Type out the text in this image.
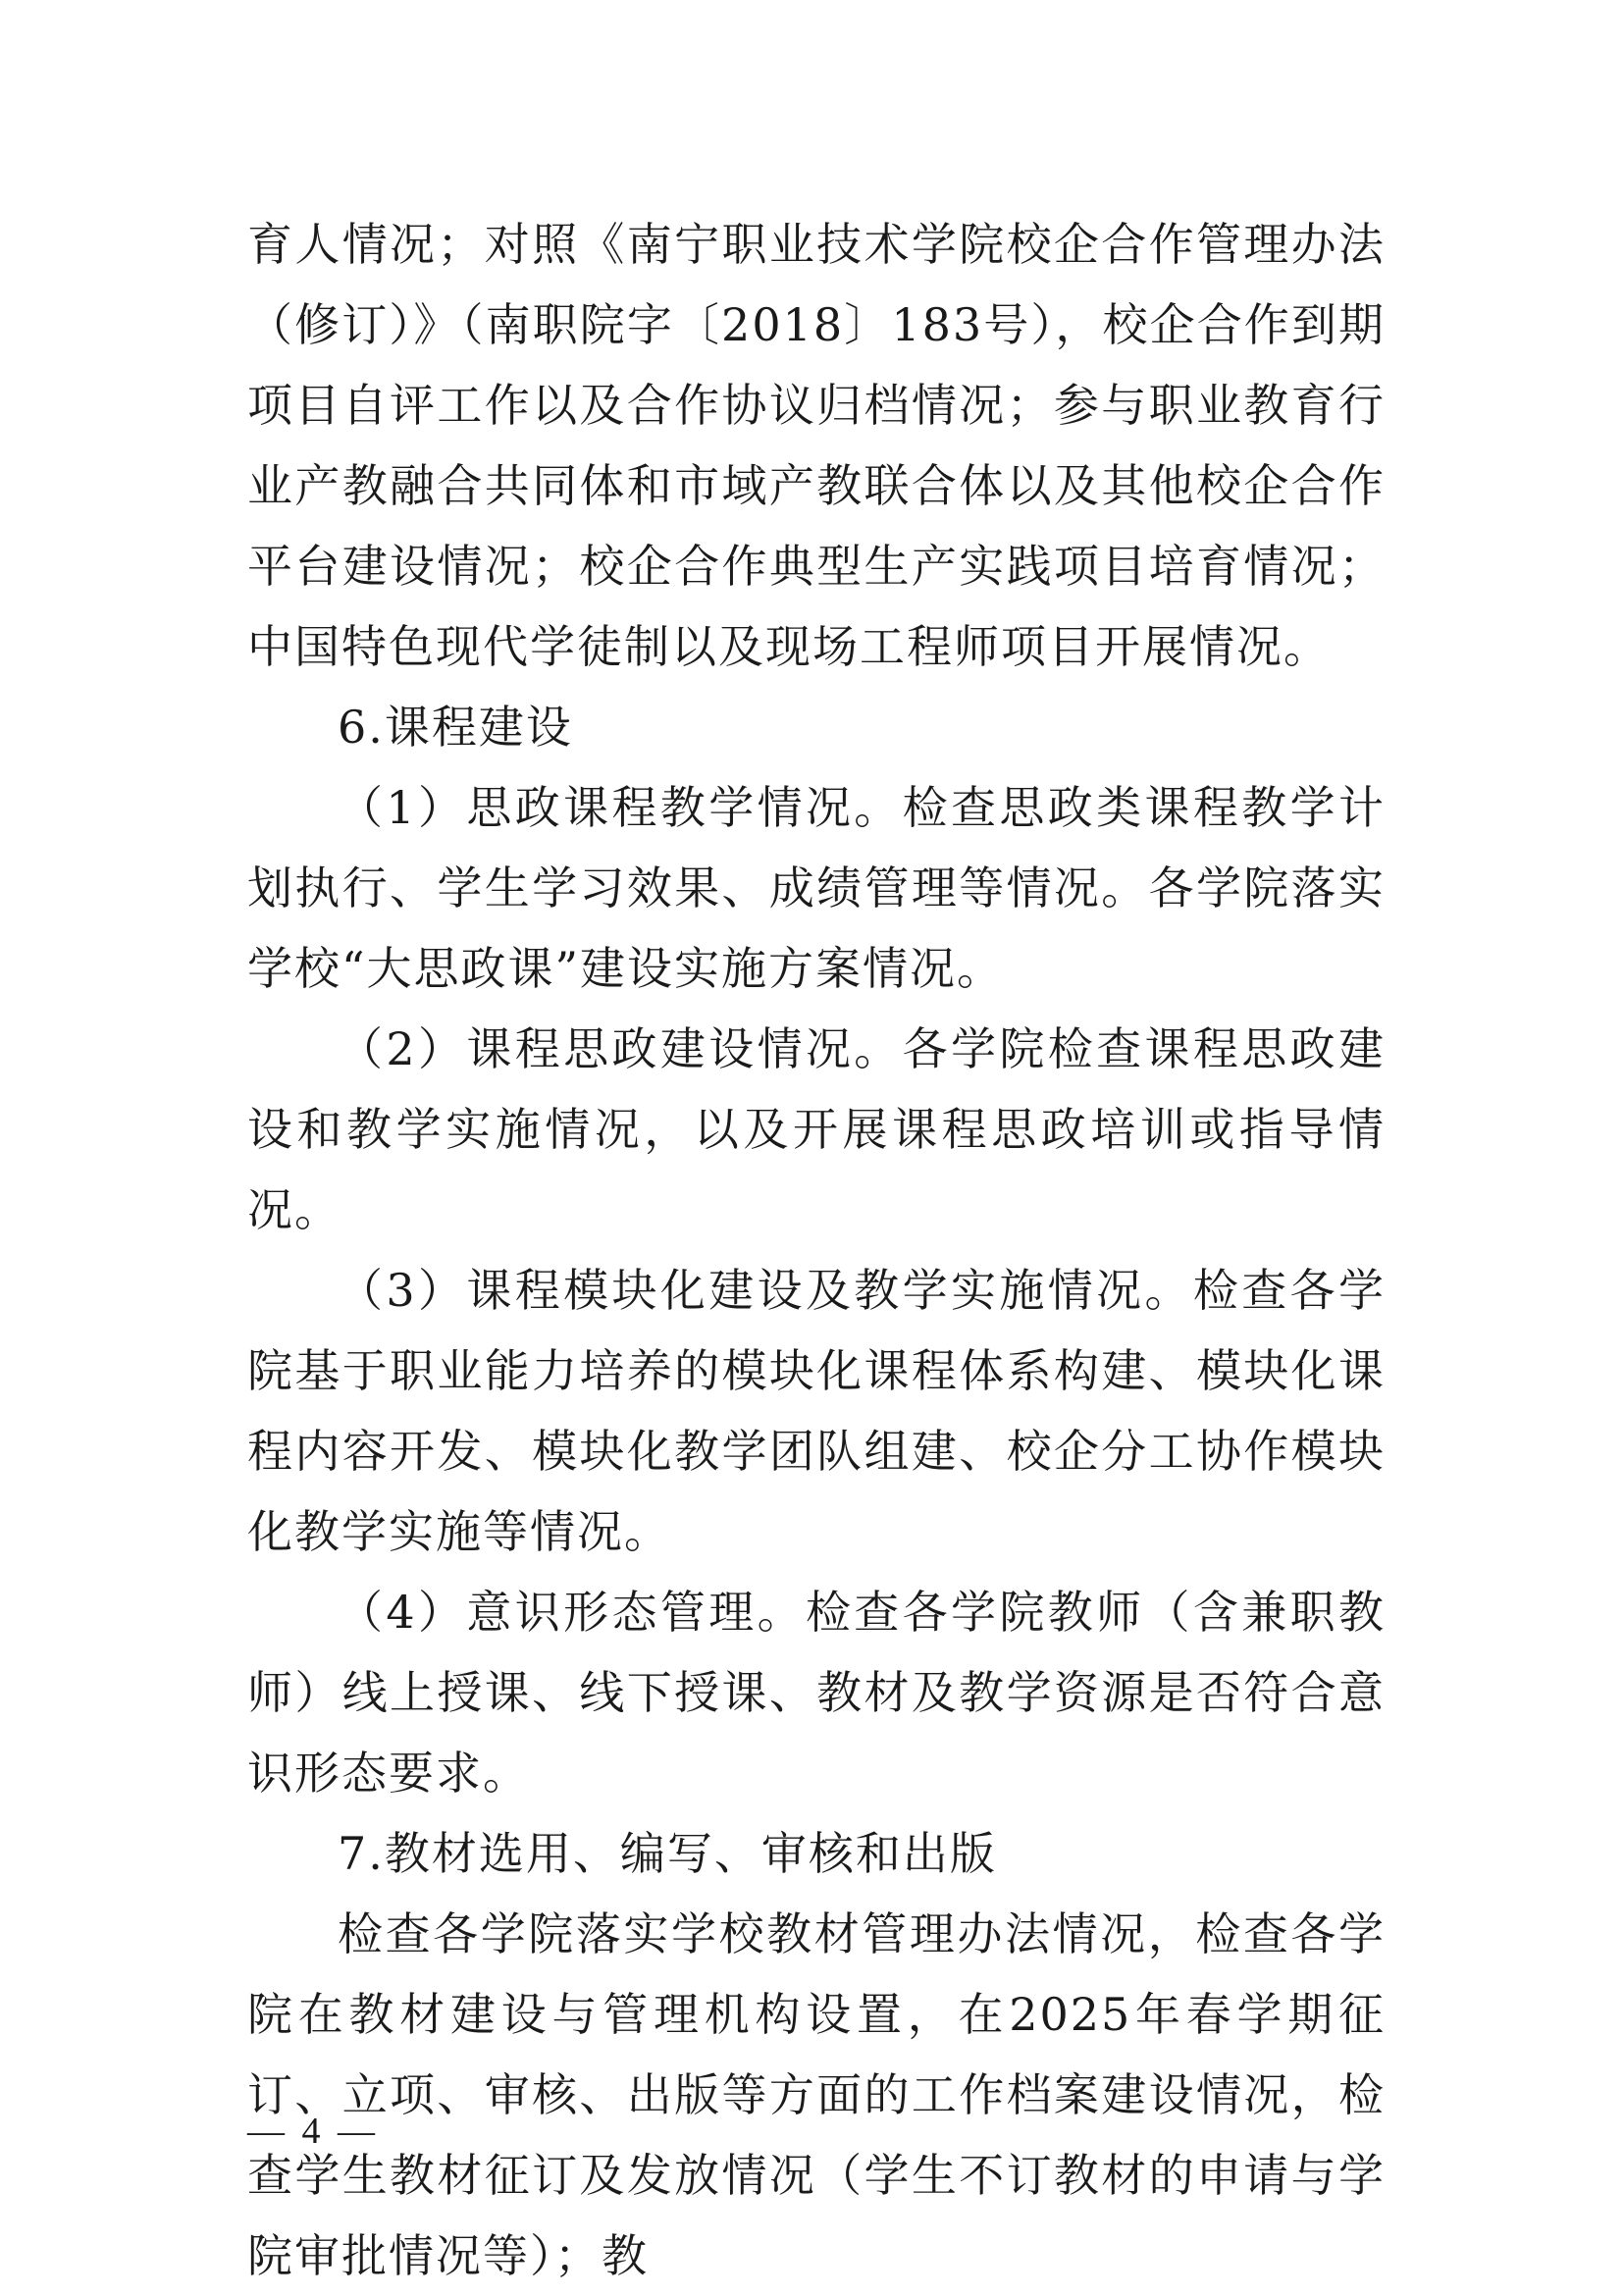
育人情况；对照《南宁职业技术学院校企合作管理办法（修订）》（南职院字〔2018〕183号），校企合作到期项目自评工作以及合作协议归档情况；参与职业教育行业产教融合共同体和市域产教联合体以及其他校企合作平台建设情况；校企合作典型生产实践项目培育情况；中国特色现代学徒制以及现场工程师项目开展情况。

6.课程建设

（1）思政课程教学情况。检查思政类课程教学计划执行、学生学习效果、成绩管理等情况。各学院落实学校“大思政课”建设实施方案情况。

（2）课程思政建设情况。各学院检查课程思政建设和教学实施情况，以及开展课程思政培训或指导情况。

（3）课程模块化建设及教学实施情况。检查各学院基于职业能力培养的模块化课程体系构建、模块化课程内容开发、模块化教学团队组建、校企分工协作模块化教学实施等情况。

（4）意识形态管理。检查各学院教师（含兼职教师）线上授课、线下授课、教材及教学资源是否符合意识形态要求。

7.教材选用、编写、审核和出版

检查各学院落实学校教材管理办法情况，检查各学院在教材建设与管理机构设置，在2025年春学期征订、立项、审核、出版等方面的工作档案建设情况，检查学生教材征订及发放情况（学生不订教材的申请与学院审批情况等）；教

— 4 —
